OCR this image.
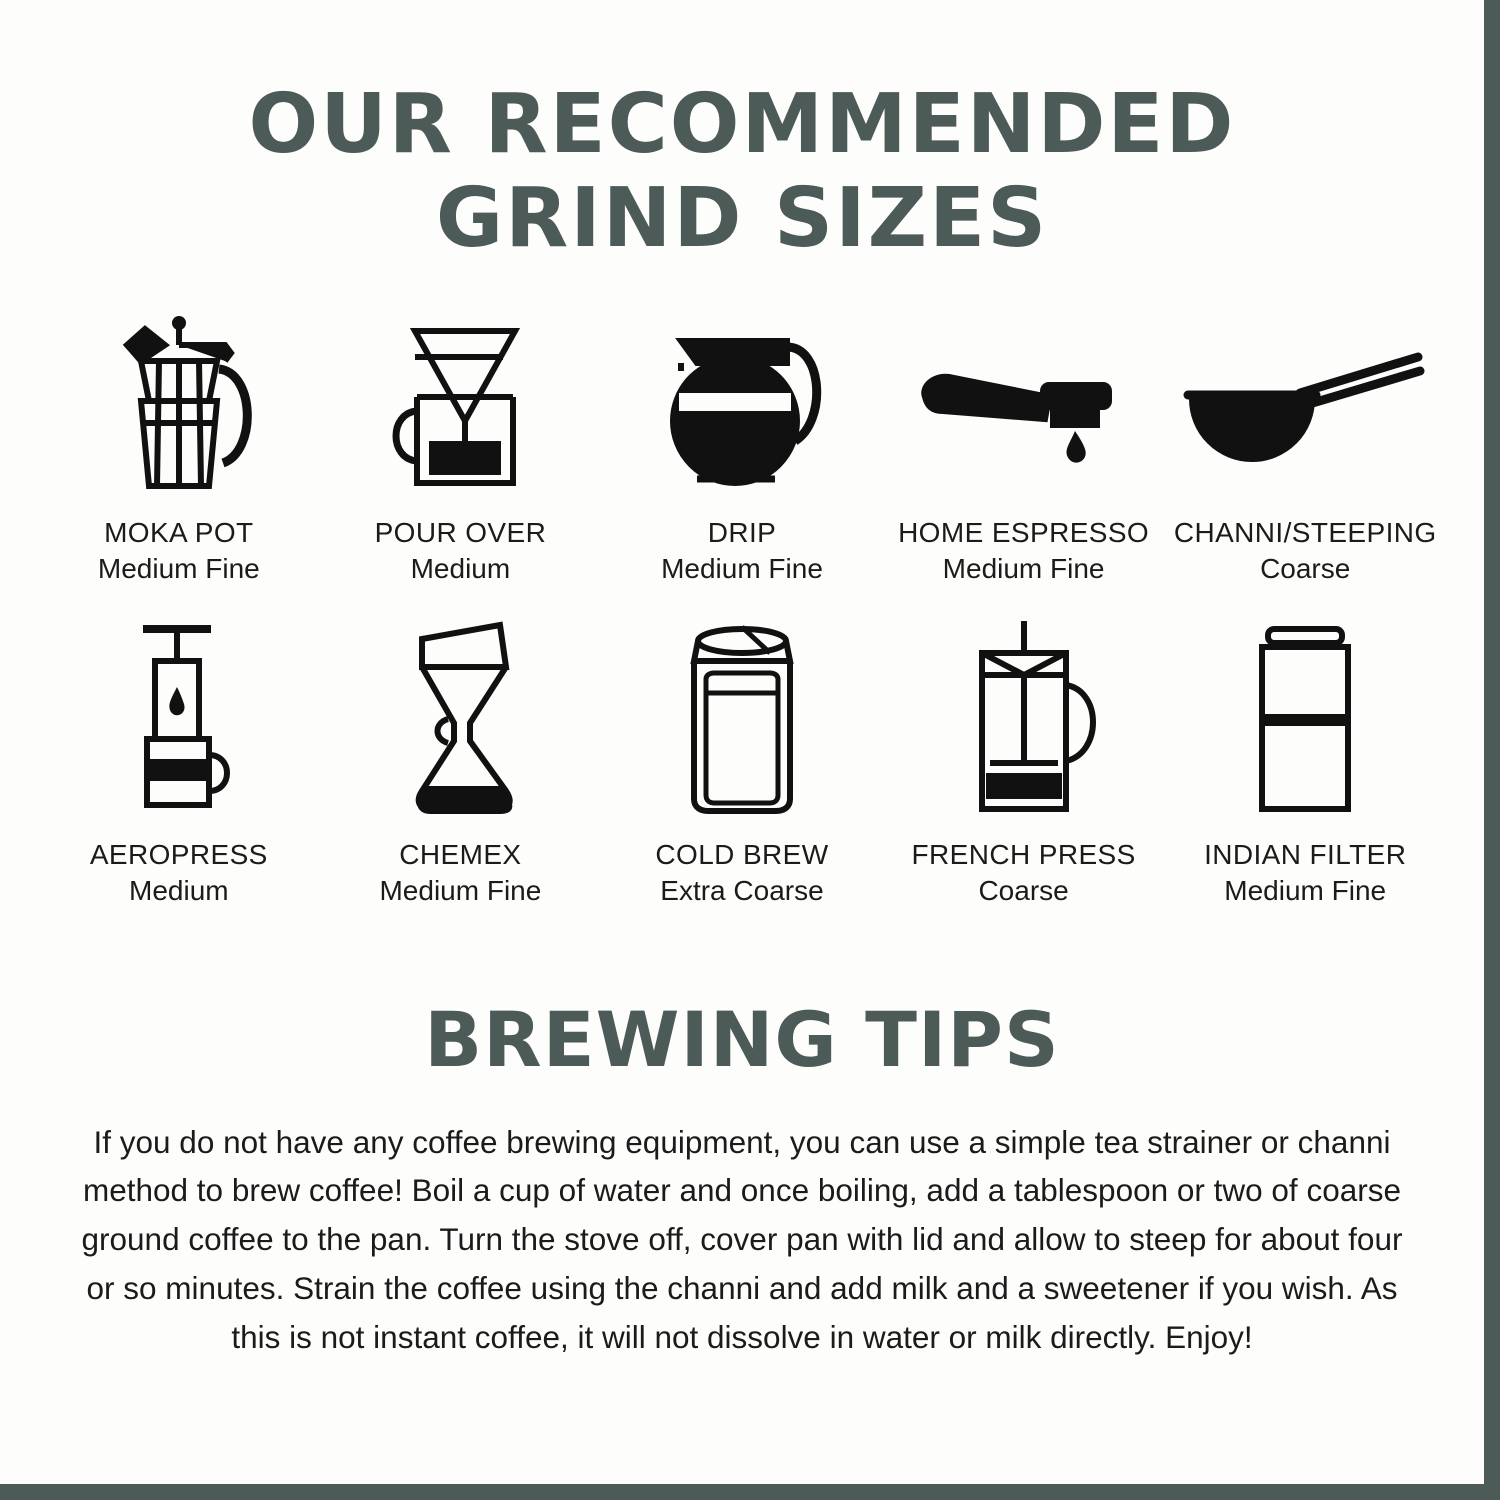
OUR RECOMMENDED
GRIND SIZES
MOKA POT
Medium Fine
POUR OVER
Medium
DRIP
Medium Fine
HOME ESPRESSO
Medium Fine
CHANNI/STEEPING
Coarse
AEROPRESS
Medium
CHEMEX
Medium Fine
COLD BREW
Extra Coarse
FRENCH PRESS
Coarse
INDIAN FILTER
Medium Fine
BREWING TIPS

If you do not have any coffee brewing equipment, you can use a simple tea strainer or channi method to brew coffee! Boil a cup of water and once boiling, add a tablespoon or two of coarse ground coffee to the pan. Turn the stove off, cover pan with lid and allow to steep for about four or so minutes. Strain the coffee using the channi and add milk and a sweetener if you wish. As this is not instant coffee, it will not dissolve in water or milk directly. Enjoy!
